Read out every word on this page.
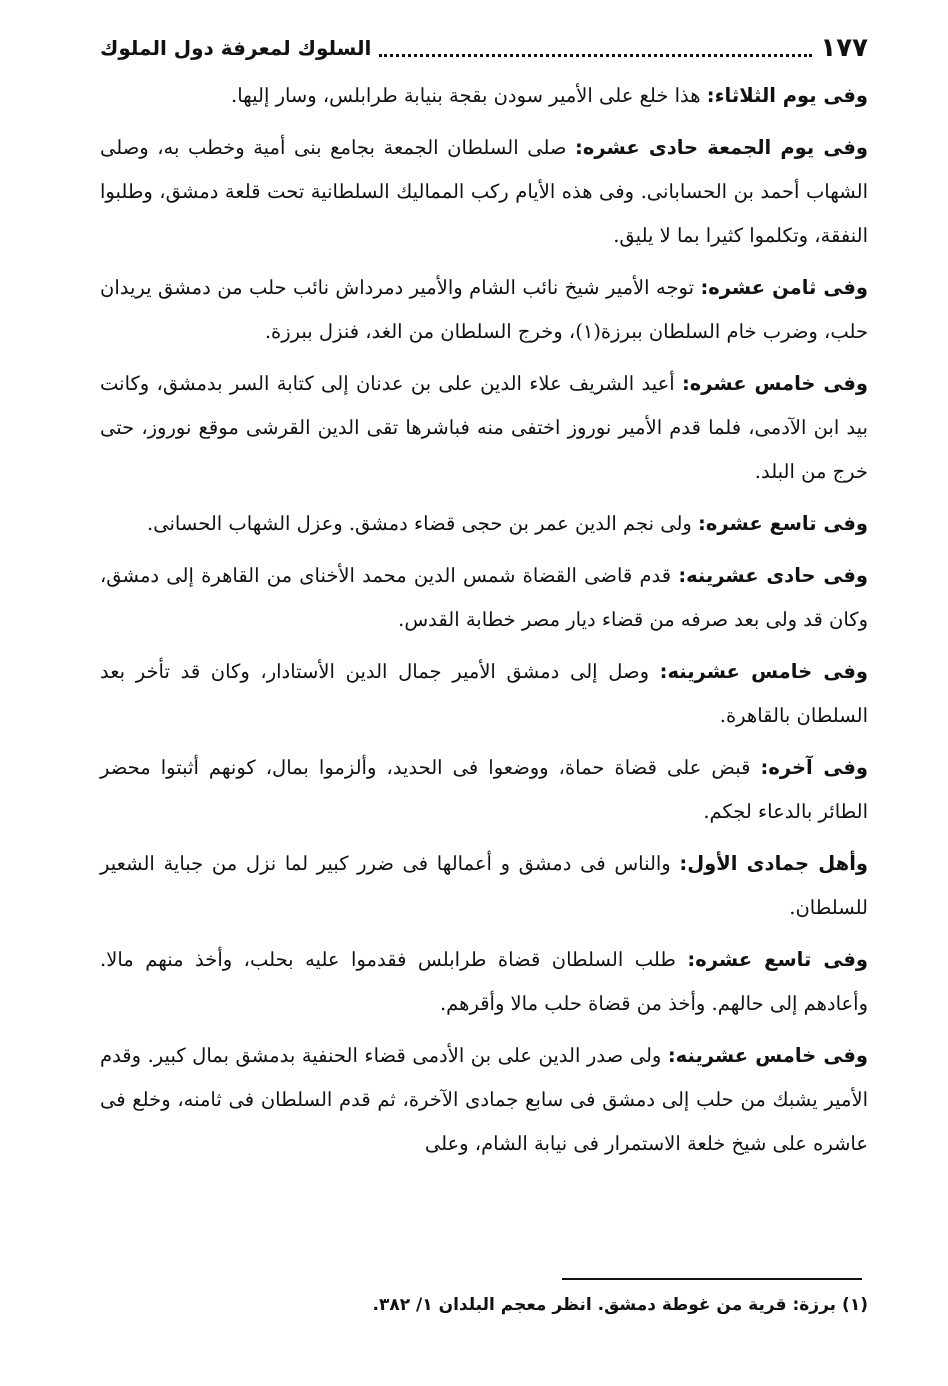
١٧٧
السلوك لمعرفة دول الملوك

وفى يوم الثلاثاء: هذا خلع على الأمير سودن بقجة بنيابة طرابلس، وسار إليها.

وفى يوم الجمعة حادى عشره: صلى السلطان الجمعة بجامع بنى أمية وخطب به، وصلى الشهاب أحمد بن الحسابانى. وفى هذه الأيام ركب المماليك السلطانية تحت قلعة دمشق، وطلبوا النفقة، وتكلموا كثيرا بما لا يليق.

وفى ثامن عشره: توجه الأمير شيخ نائب الشام والأمير دمرداش نائب حلب من دمشق يريدان حلب، وضرب خام السلطان ببرزة(١)، وخرج السلطان من الغد، فنزل ببرزة.

وفى خامس عشره: أعيد الشريف علاء الدين على بن عدنان إلى كتابة السر بدمشق، وكانت بيد ابن الآدمى، فلما قدم الأمير نوروز اختفى منه فباشرها تقى الدين القرشى موقع نوروز، حتى خرج من البلد.

وفى تاسع عشره: ولى نجم الدين عمر بن حجى قضاء دمشق. وعزل الشهاب الحسانى.

وفى حادى عشرينه: قدم قاضى القضاة شمس الدين محمد الأخناى من القاهرة إلى دمشق، وكان قد ولى بعد صرفه من قضاء ديار مصر خطابة القدس.

وفى خامس عشرينه: وصل إلى دمشق الأمير جمال الدين الأستادار، وكان قد تأخر بعد السلطان بالقاهرة.

وفى آخره: قبض على قضاة حماة، ووضعوا فى الحديد، وألزموا بمال، كونهم أثبتوا محضر الطائر بالدعاء لجكم.

وأهل جمادى الأول: والناس فى دمشق و أعمالها فى ضرر كبير لما نزل من جباية الشعير للسلطان.

وفى تاسع عشره: طلب السلطان قضاة طرابلس فقدموا عليه بحلب، وأخذ منهم مالا. وأعادهم إلى حالهم. وأخذ من قضاة حلب مالا وأقرهم.

وفى خامس عشرينه: ولى صدر الدين على بن الأدمى قضاء الحنفية بدمشق بمال كبير. وقدم الأمير يشبك من حلب إلى دمشق فى سابع جمادى الآخرة، ثم قدم السلطان فى ثامنه، وخلع فى عاشره على شيخ خلعة الاستمرار فى نيابة الشام، وعلى

(١)برزة: قرية من غوطة دمشق. انظر معجم البلدان ١/ ٣٨٢.
